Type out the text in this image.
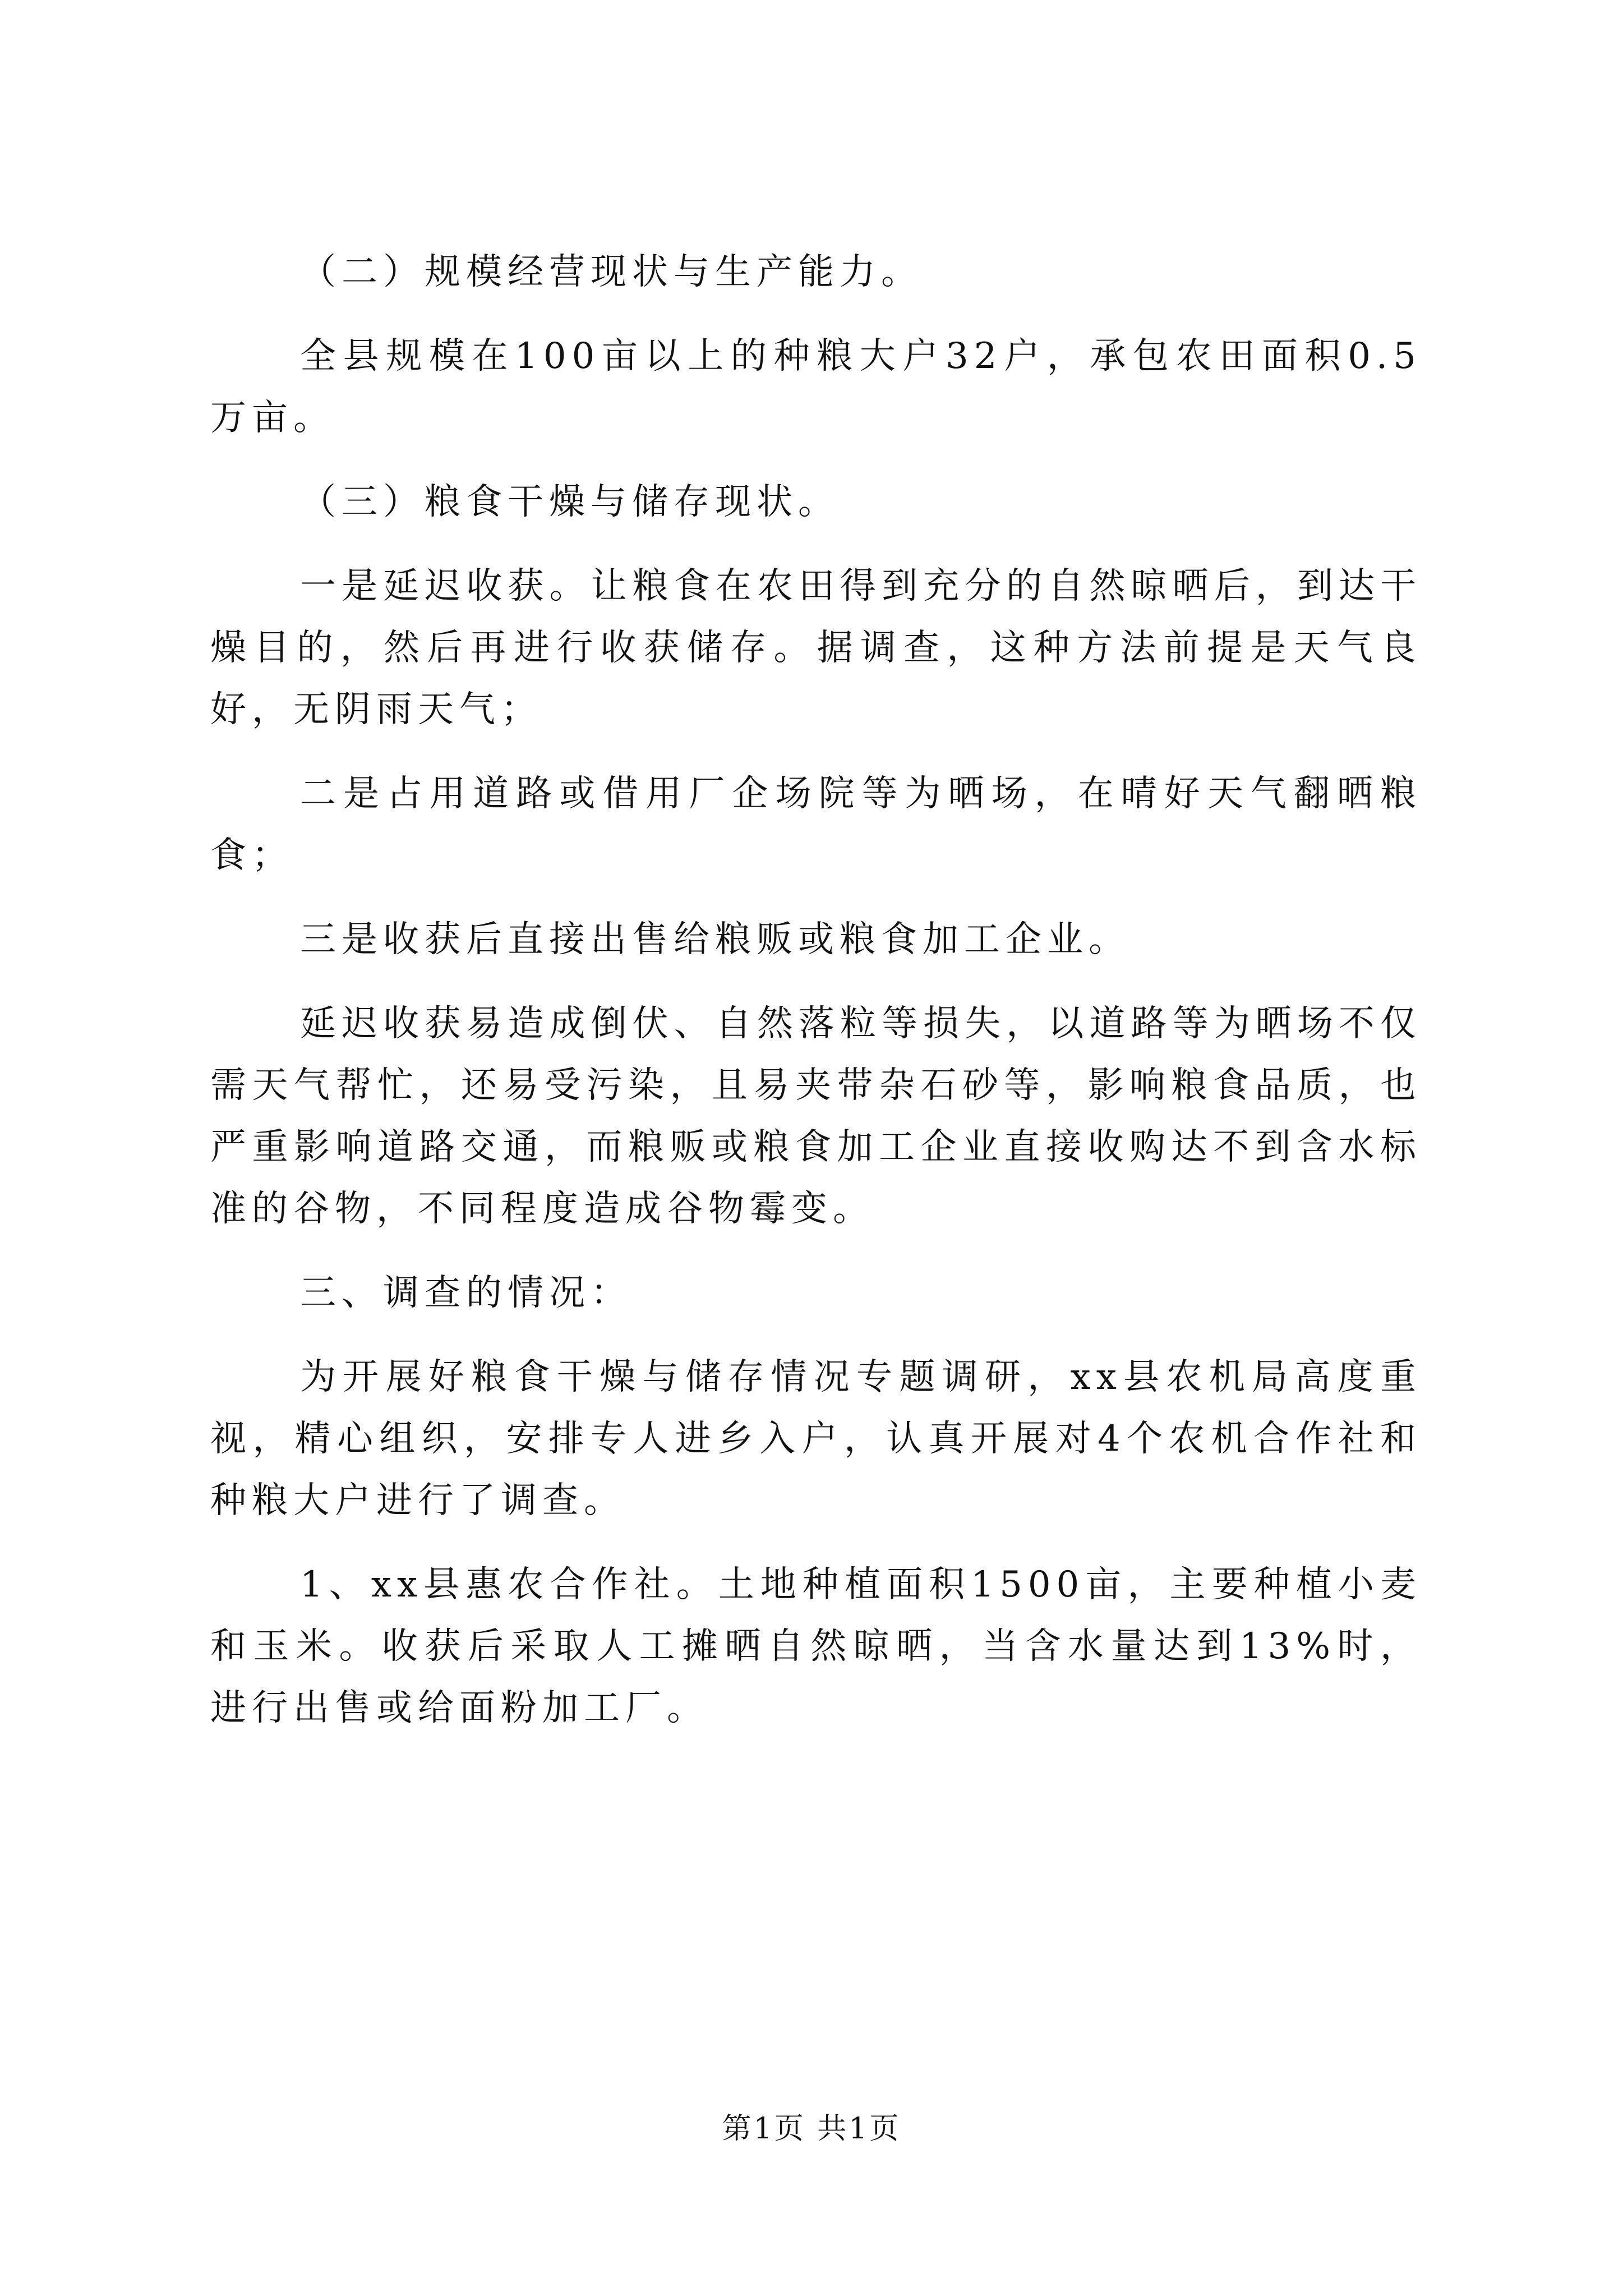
（二）规模经营现状与生产能力。

全县规模在100亩以上的种粮大户32户，承包农田面积0.5万亩。

（三）粮食干燥与储存现状。

一是延迟收获。让粮食在农田得到充分的自然晾晒后，到达干燥目的，然后再进行收获储存。据调查，这种方法前提是天气良好，无阴雨天气；

二是占用道路或借用厂企场院等为晒场，在晴好天气翻晒粮食；

三是收获后直接出售给粮贩或粮食加工企业。

延迟收获易造成倒伏、自然落粒等损失，以道路等为晒场不仅需天气帮忙，还易受污染，且易夹带杂石砂等，影响粮食品质，也严重影响道路交通，而粮贩或粮食加工企业直接收购达不到含水标准的谷物，不同程度造成谷物霉变。

三、调查的情况：

为开展好粮食干燥与储存情况专题调研，xx县农机局高度重视，精心组织，安排专人进乡入户，认真开展对4个农机合作社和种粮大户进行了调查。

1、xx县惠农合作社。土地种植面积1500亩，主要种植小麦和玉米。收获后采取人工摊晒自然晾晒，当含水量达到13%时，进行出售或给面粉加工厂。

第1页 共1页
